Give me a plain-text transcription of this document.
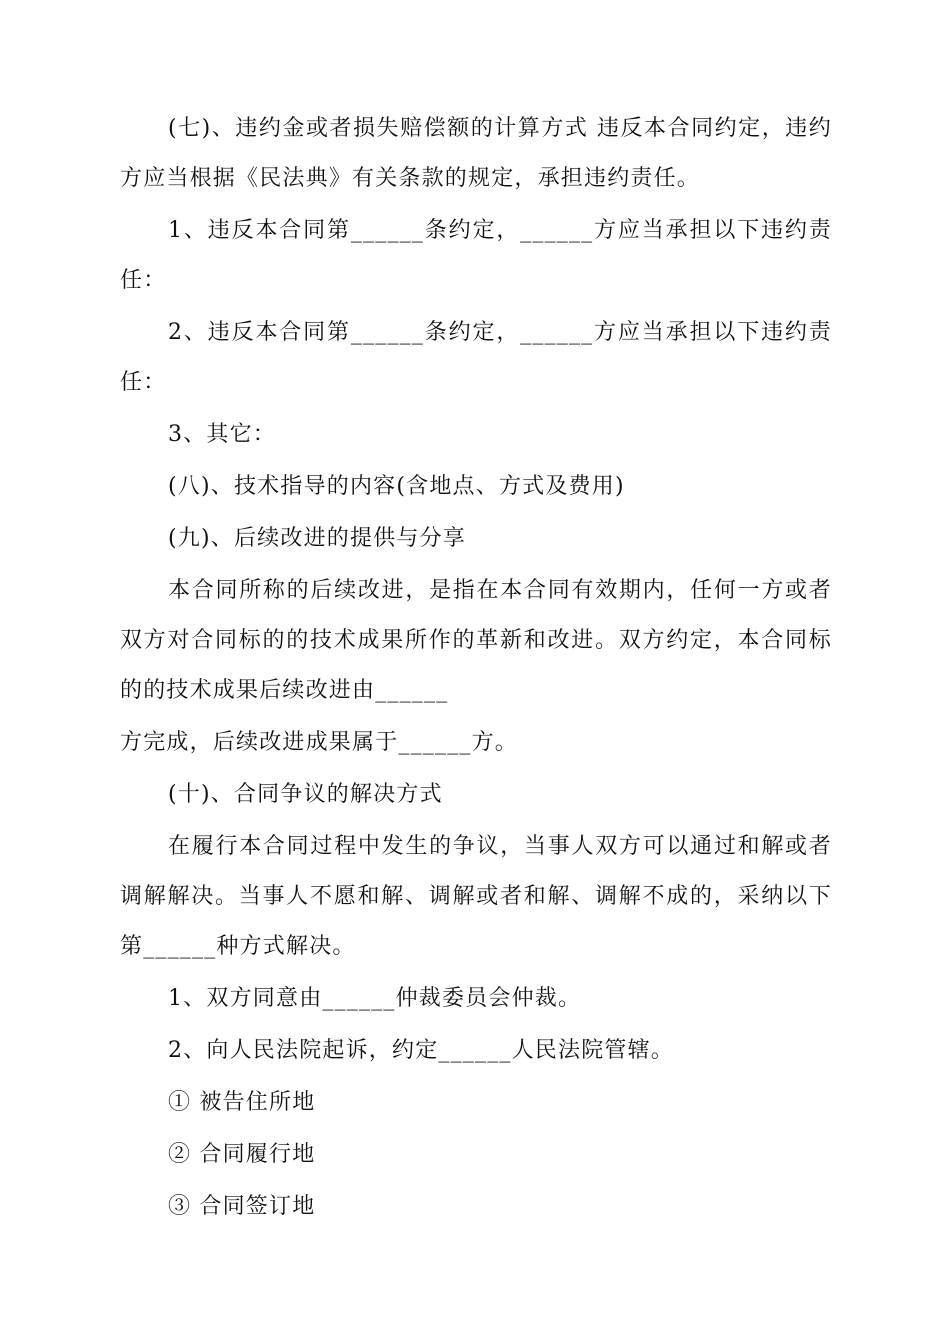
(七)、违约金或者损失赔偿额的计算方式 违反本合同约定，违约方应当根据《民法典》有关条款的规定，承担违约责任。

1、违反本合同第______条约定，______方应当承担以下违约责任：

2、违反本合同第______条约定，______方应当承担以下违约责任：

3、其它：

(八)、技术指导的内容(含地点、方式及费用)

(九)、后续改进的提供与分享

本合同所称的后续改进，是指在本合同有效期内，任何一方或者双方对合同标的的技术成果所作的革新和改进。双方约定，本合同标的的技术成果后续改进由______

方完成，后续改进成果属于______方。

(十)、合同争议的解决方式

在履行本合同过程中发生的争议，当事人双方可以通过和解或者调解解决。当事人不愿和解、调解或者和解、调解不成的，采纳以下第______种方式解决。

1、双方同意由______仲裁委员会仲裁。

2、向人民法院起诉，约定______人民法院管辖。

① 被告住所地

② 合同履行地

③ 合同签订地
